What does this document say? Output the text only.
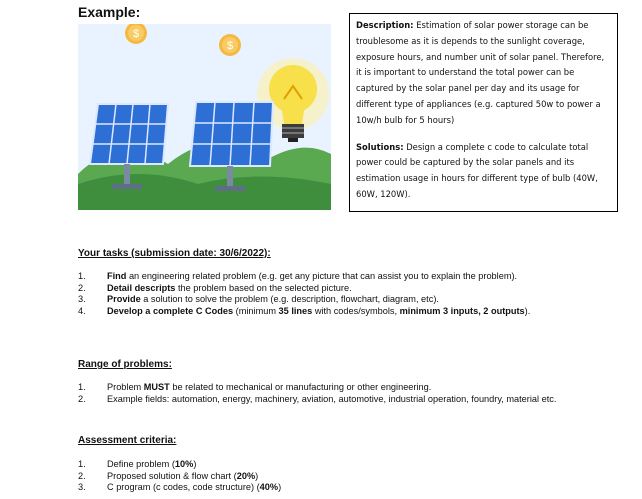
Example:
$
$

Description: Estimation of solar power storage can be troublesome as it is depends to the sunlight coverage, exposure hours, and number unit of solar panel. Therefore, it is important to understand the total power can be captured by the solar panel per day and its usage for different type of appliances (e.g. captured 50w to power a 10w/h bulb for 5 hours)

Solutions: Design a complete c code to calculate total power could be captured by the solar panels and its estimation usage in hours for different type of bulb (40W, 60W, 120W).

Your tasks (submission date: 30/6/2022):
1. Find an engineering related problem (e.g. get any picture that can assist you to explain the problem).
2. Detail descripts the problem based on the selected picture.
3. Provide a solution to solve the problem (e.g. description, flowchart, diagram, etc).
4. Develop a complete C Codes (minimum 35 lines with codes/symbols, minimum 3 inputs, 2 outputs).
Range of problems:
1. Problem MUST be related to mechanical or manufacturing or other engineering.
2. Example fields: automation, energy, machinery, aviation, automotive, industrial operation, foundry, material etc.
Assessment criteria:
1. Define problem (10%)
2. Proposed solution & flow chart (20%)
3. C program (c codes, code structure) (40%)
